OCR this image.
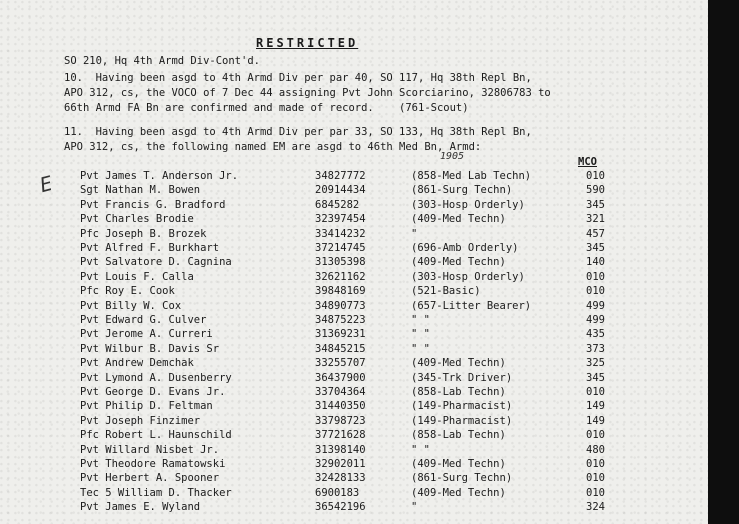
RESTRICTED
SO 210, Hq 4th Armd Div-Cont'd.
10.  Having been asgd to 4th Armd Div per par 40, SO 117, Hq 38th Repl Bn,
APO 312, cs, the VOCO of 7 Dec 44 assigning Pvt John Scorciarino, 32806783 to
66th Armd FA Bn are confirmed and made of record.    (761-Scout)
11.  Having been asgd to 4th Armd Div per par 33, SO 133, Hq 38th Repl Bn,
APO 312, cs, the following named EM are asgd to 46th Med Bn, Armd:
1905	MCO
E Pvt James T. Anderson Jr.	34827772	(858-Med Lab Techn)	010
Sgt Nathan M. Bowen	20914434	(861-Surg Techn)	590
Pvt Francis G. Bradford	6845282	(303-Hosp Orderly)	345
Pvt Charles Brodie	32397454	(409-Med Techn)	321
Pfc Joseph B. Brozek	33414232	"	457
Pvt Alfred F. Burkhart	37214745	(696-Amb Orderly)	345
Pvt Salvatore D. Cagnina	31305398	(409-Med Techn)	140
Pvt Louis F. Calla	32621162	(303-Hosp Orderly)	010
Pfc Roy E. Cook	39848169	(521-Basic)	010
Pvt Billy W. Cox	34890773	(657-Litter Bearer)	499
Pvt Edward G. Culver	34875223	" "	499
Pvt Jerome A. Curreri	31369231	" "	435
Pvt Wilbur B. Davis Sr	34845215	" "	373
Pvt Andrew Demchak	33255707	(409-Med Techn)	325
Pvt Lymond A. Dusenberry	36437900	(345-Trk Driver)	345
Pvt George D. Evans Jr.	33704364	(858-Lab Techn)	010
Pvt Philip D. Feltman	31440350	(149-Pharmacist)	149
Pvt Joseph Finzimer	33798723	(149-Pharmacist)	149
Pfc Robert L. Haunschild	37721628	(858-Lab Techn)	010
Pvt Willard Nisbet Jr.	31398140	" "	480
Pvt Theodore Ramatowski	32902011	(409-Med Techn)	010
Pvt Herbert A. Spooner	32428133	(861-Surg Techn)	010
Tec 5 William D. Thacker	6900183	(409-Med Techn)	010
Pvt James E. Wyland	36542196	"	324
